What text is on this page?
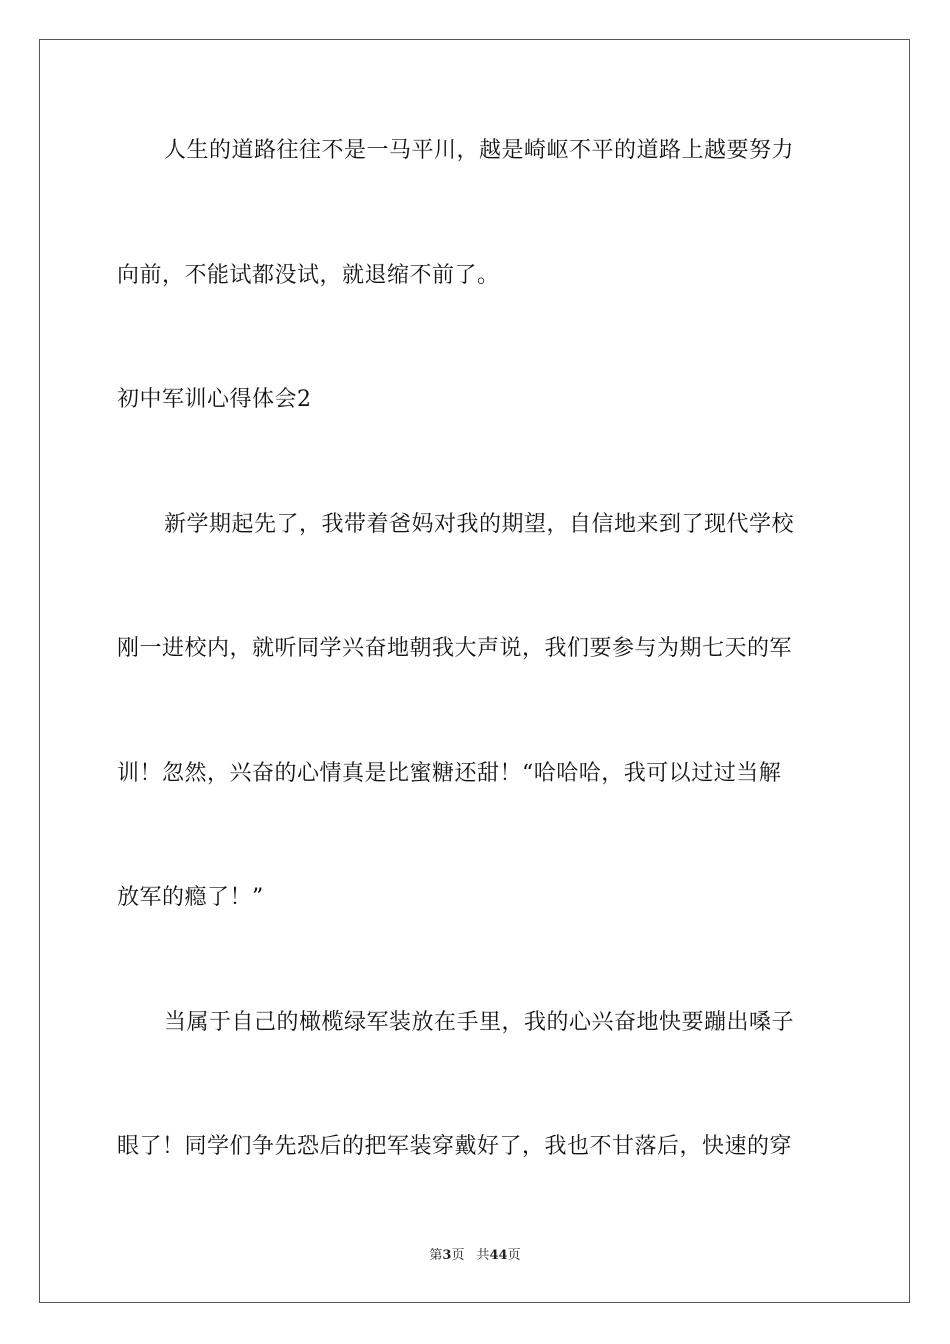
人生的道路往往不是一马平川，越是崎岖不平的道路上越要努力
向前，不能试都没试，就退缩不前了。
初中军训心得体会2
新学期起先了，我带着爸妈对我的期望，自信地来到了现代学校
刚一进校内，就听同学兴奋地朝我大声说，我们要参与为期七天的军
训！忽然，兴奋的心情真是比蜜糖还甜！“哈哈哈，我可以过过当解
放军的瘾了！”
当属于自己的橄榄绿军装放在手里，我的心兴奋地快要蹦出嗓子
眼了！同学们争先恐后的把军装穿戴好了，我也不甘落后，快速的穿
第3页 共44页
